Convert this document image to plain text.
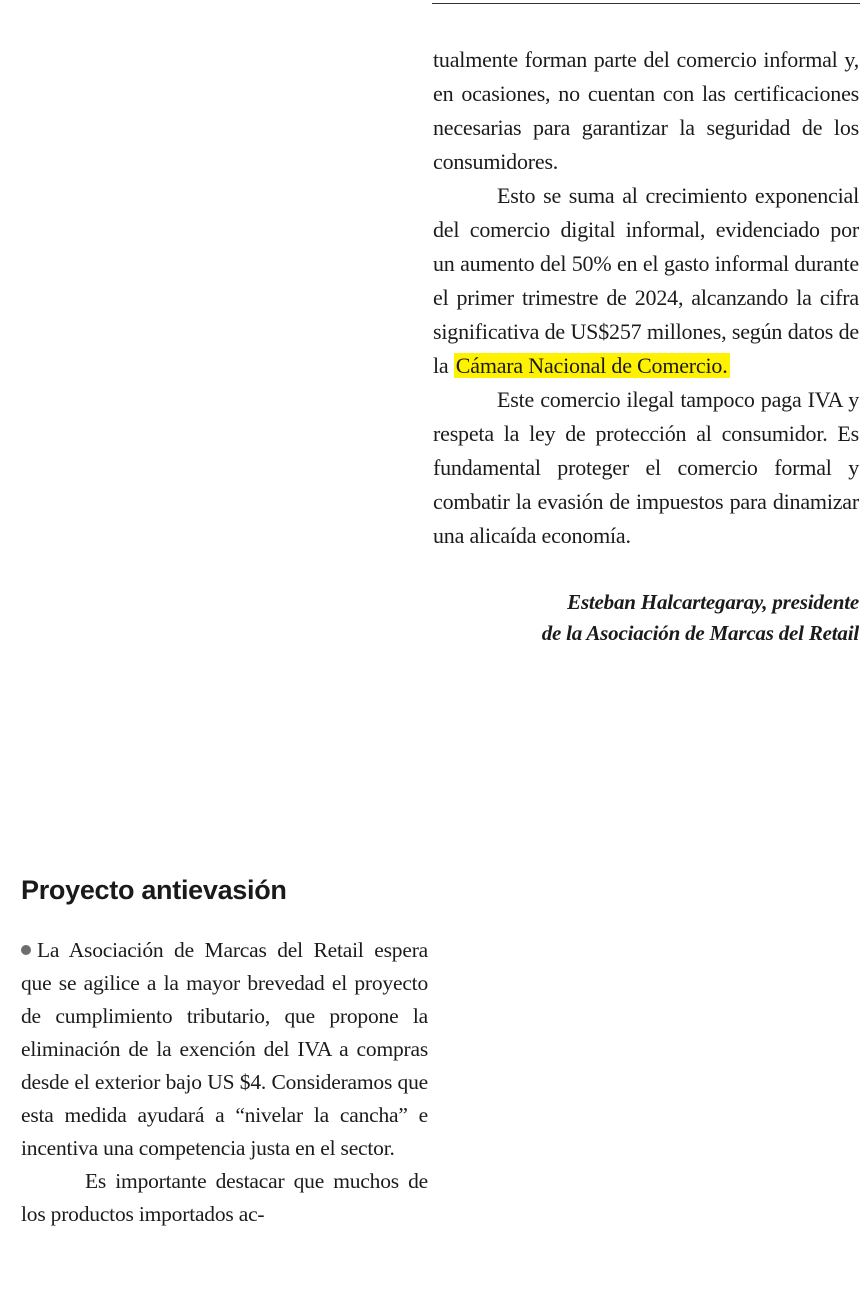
tualmente forman parte del comercio informal y, en ocasiones, no cuentan con las certificaciones necesarias para garantizar la seguridad de los consumidores.

Esto se suma al crecimiento exponencial del comercio digital informal, evidenciado por un aumento del 50% en el gasto informal durante el primer trimestre de 2024, alcanzando la cifra significativa de US$257 millones, según datos de la Cámara Nacional de Comercio.

Este comercio ilegal tampoco paga IVA y respeta la ley de protección al consumidor. Es fundamental proteger el comercio formal y combatir la evasión de impuestos para dinamizar una alicaída economía.

Esteban Halcartegaray, presidente
de la Asociación de Marcas del Retail
Proyecto antievasión

La Asociación de Marcas del Retail espera que se agilice a la mayor brevedad el proyecto de cumplimiento tributario, que propone la eliminación de la exención del IVA a compras desde el exterior bajo US $4. Consideramos que esta medida ayudará a “nivelar la cancha” e incentiva una competencia justa en el sector.

Es importante destacar que muchos de los productos importados ac-
